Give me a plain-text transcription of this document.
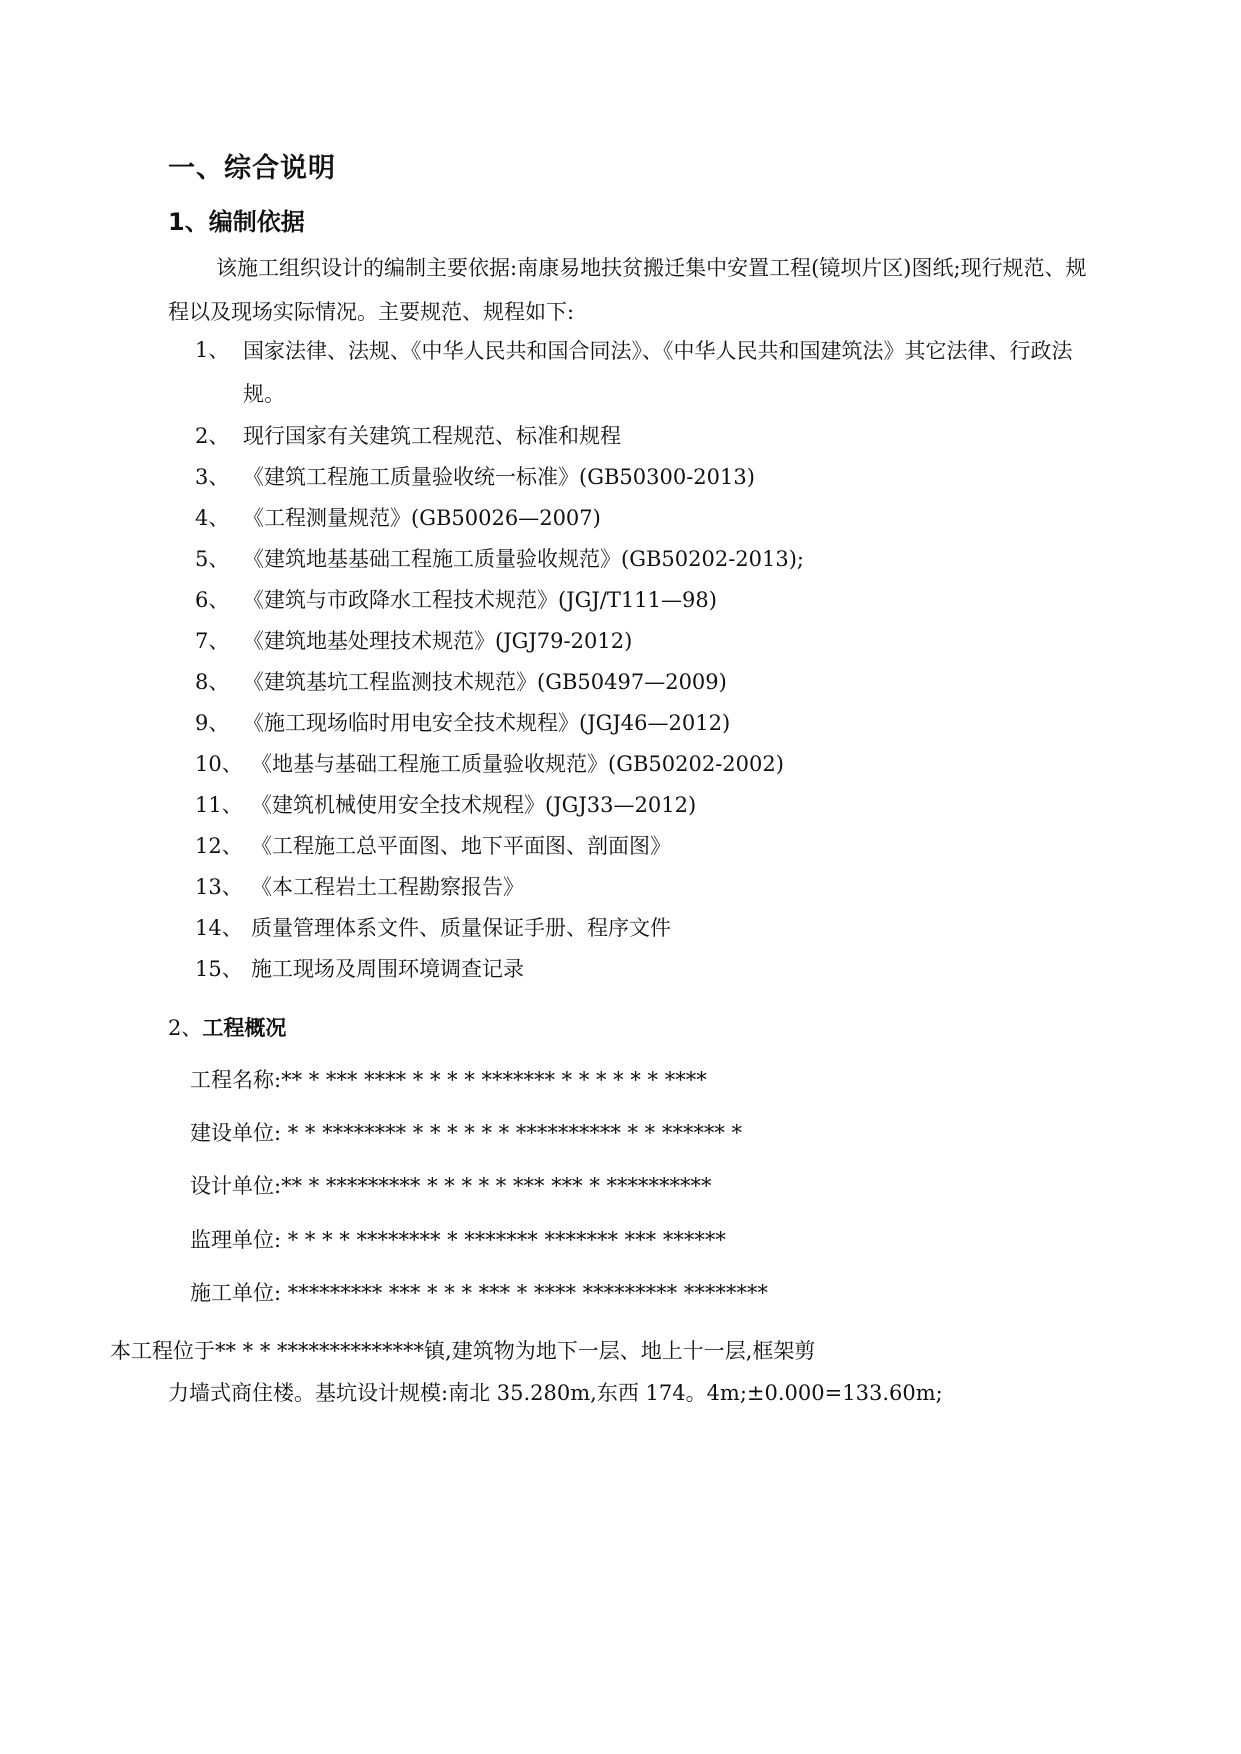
一、综合说明
1、编制依据

该施工组织设计的编制主要依据:南康易地扶贫搬迁集中安置工程(镜坝片区)图纸;现行规范、规程以及现场实际情况。主要规范、规程如下:

1、 国家法律、法规、《中华人民共和国合同法》、《中华人民共和国建筑法》其它法律、行政法规。
2、 现行国家有关建筑工程规范、标准和规程
3、 《建筑工程施工质量验收统一标准》(GB50300-2013)
4、 《工程测量规范》(GB50026—2007)
5、 《建筑地基基础工程施工质量验收规范》(GB50202-2013);
6、 《建筑与市政降水工程技术规范》(JGJ/T111—98)
7、 《建筑地基处理技术规范》(JGJ79-2012)
8、 《建筑基坑工程监测技术规范》(GB50497—2009)
9、 《施工现场临时用电安全技术规程》(JGJ46—2012)
10、 《地基与基础工程施工质量验收规范》(GB50202-2002)
11、 《建筑机械使用安全技术规程》(JGJ33—2012)
12、 《工程施工总平面图、地下平面图、剖面图》
13、 《本工程岩土工程勘察报告》
14、 质量管理体系文件、质量保证手册、程序文件
15、 施工现场及周围环境调查记录
2、工程概况
工程名称:** * *** **** * * * * ******* * * * * * * ****
建设单位: * * ******** * * * * * * ********** * * ****** *
设计单位:** * ********* * * * * * *** *** * **********
监理单位: * * * * ******** * ******* ******* *** ******
施工单位: ********* *** * * * *** * **** ********* ********

本工程位于** * * **************镇,建筑物为地下一层、地上十一层,框架剪
力墙式商住楼。基坑设计规模:南北 35.280m,东西 174。4m;±0.000=133.60m;
